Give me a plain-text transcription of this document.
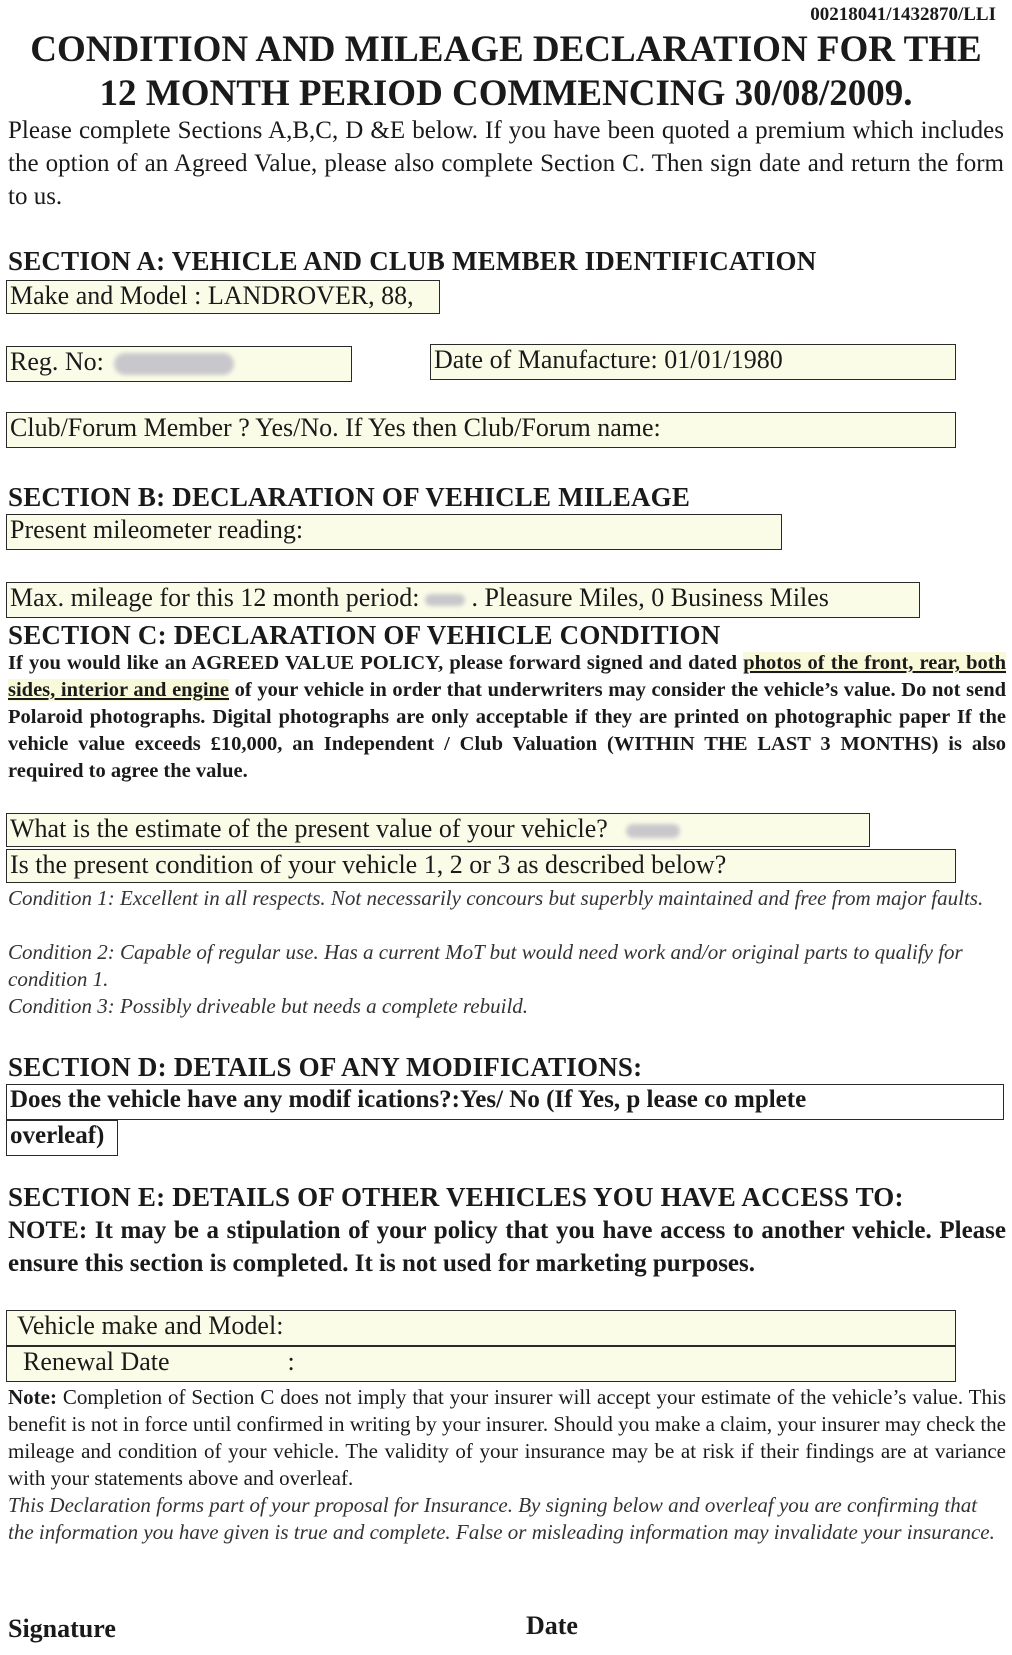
00218041/1432870/LLI
CONDITION AND MILEAGE DECLARATION FOR THE
12 MONTH PERIOD COMMENCING 30/08/2009.
Please complete Sections A,B,C, D &E below. If you have been quoted a premium which includes the option of an Agreed Value, please also complete Section C. Then sign date and return the form to us.
SECTION A: VEHICLE AND CLUB MEMBER IDENTIFICATION
Make and Model : LANDROVER, 88,
Reg. No:	Date of Manufacture: 01/01/1980
Club/Forum Member ? Yes/No. If Yes then Club/Forum name:
SECTION B: DECLARATION OF VEHICLE MILEAGE
Present mileometer reading:
Max. mileage for this 12 month period: . Pleasure Miles, 0 Business Miles
SECTION C: DECLARATION OF VEHICLE CONDITION
If you would like an AGREED VALUE POLICY, please forward signed and dated photos of the front, rear, both sides, interior and engine of your vehicle in order that underwriters may consider the vehicle’s value. Do not send Polaroid photographs. Digital photographs are only acceptable if they are printed on photographic paper If the vehicle value exceeds £10,000, an Independent / Club Valuation (WITHIN THE LAST 3 MONTHS) is also required to agree the value.
What is the estimate of the present value of your vehicle?
Is the present condition of your vehicle 1, 2 or 3 as described below?
Condition 1: Excellent in all respects. Not necessarily concours but superbly maintained and free from major faults.
Condition 2: Capable of regular use. Has a current MoT but would need work and/or original parts to qualify for condition 1.
Condition 3: Possibly driveable but needs a complete rebuild.
SECTION D: DETAILS OF ANY MODIFICATIONS:
Does the vehicle have any modif ications?:Yes/ No (If Yes, p lease co mplete
overleaf)
SECTION E: DETAILS OF OTHER VEHICLES YOU HAVE ACCESS TO:
NOTE: It may be a stipulation of your policy that you have access to another vehicle. Please ensure this section is completed. It is not used for marketing purposes.
Vehicle make and Model:
Renewal Date	:
Note: Completion of Section C does not imply that your insurer will accept your estimate of the vehicle’s value. This benefit is not in force until confirmed in writing by your insurer. Should you make a claim, your insurer may check the mileage and condition of your vehicle. The validity of your insurance may be at risk if their findings are at variance with your statements above and overleaf.
This Declaration forms part of your proposal for Insurance. By signing below and overleaf you are confirming that the information you have given is true and complete. False or misleading information may invalidate your insurance.
Signature	Date
